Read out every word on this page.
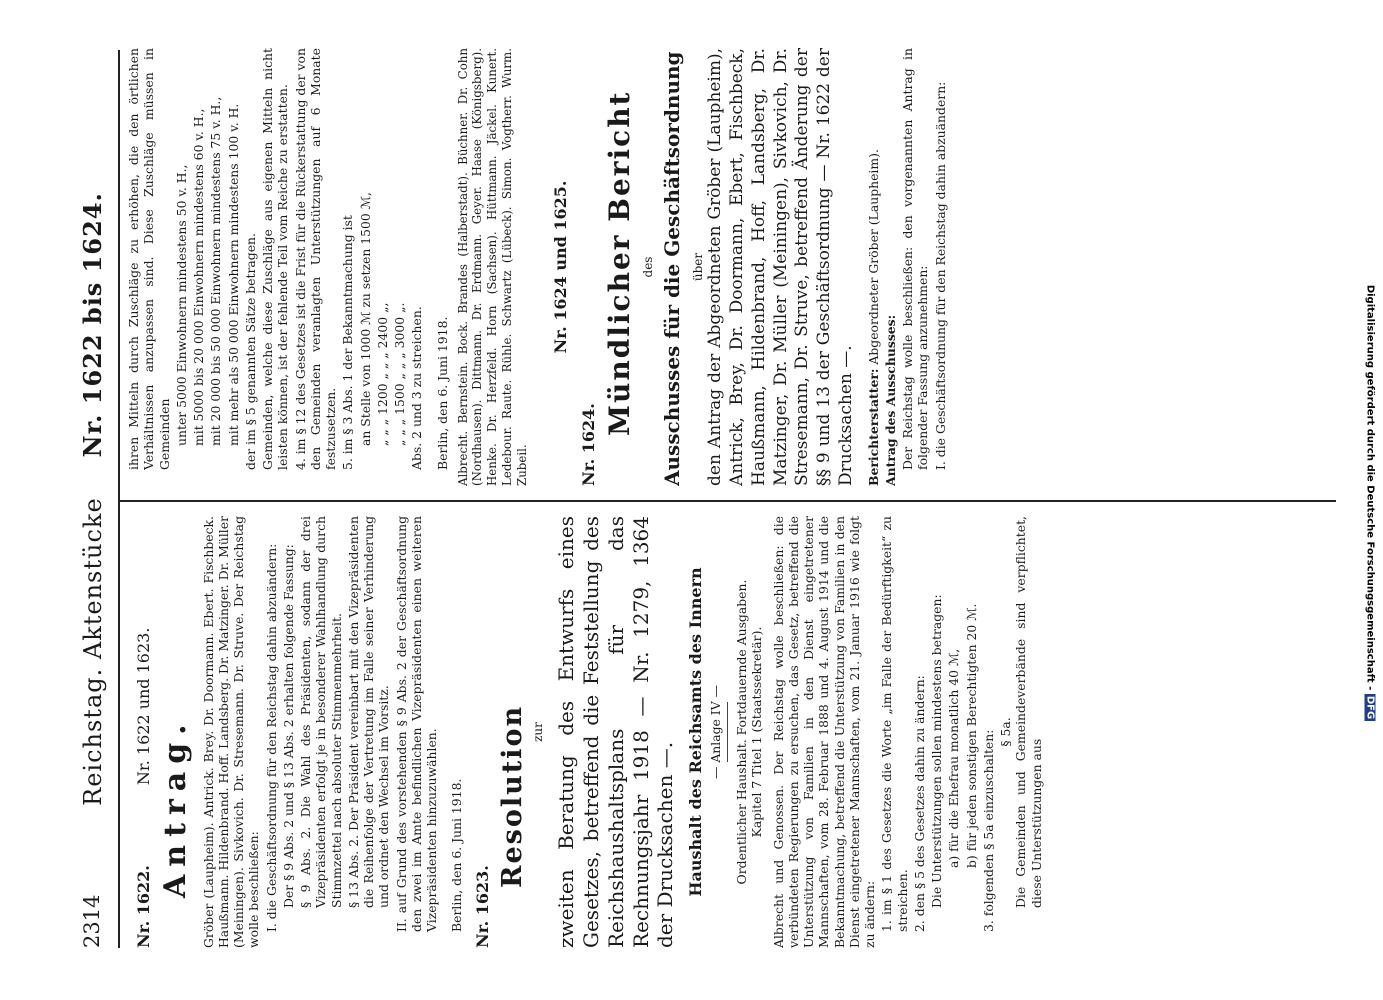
2314
Reichstag. AktenstückeNr. 1622 bis 1624.
Nr. 1622.Nr. 1622 und 1623.
Antrag. Gröber (Laupheim). Antrick. Brey. Dr. Doormann. Ebert. Fischbeck. Haußmann. Hildenbrand. Hoff. Landsberg. Dr. Matzinger. Dr. Müller (Meiningen). Sivkovich. Dr. Stresemann. Dr. Struve. Der Reichstag wolle beschließen: I. die Geschäftsordnung für den Reichstag dahin abzuändern: Der § 9 Abs. 2 und § 13 Abs. 2 erhalten folgende Fassung: § 9 Abs. 2. Die Wahl des Präsidenten, sodann der drei Vizepräsidenten erfolgt je in besonderer Wahlhandlung durch Stimmzettel nach absoluter Stimmenmehrheit. § 13 Abs. 2. Der Präsident vereinbart mit den Vizepräsidenten die Reihenfolge der Vertretung im Falle seiner Verhinderung und ordnet den Wechsel im Vorsitz. II. auf Grund des vorstehenden § 9 Abs. 2 der Geschäftsordnung den zwei im Amte befindlichen Vizepräsidenten einen weiteren Vizepräsidenten hinzuzuwählen. Berlin, den 6. Juni 1918. Nr. 1623.
Resolution zur zweiten Beratung des Entwurfs eines Gesetzes, betreffend die Feststellung des Reichshaushaltsplans für das Rechnungsjahr 1918 — Nr. 1279, 1364 der Drucksachen —. Haushalt des Reichsamts des Innern — Anlage IV — Ordentlicher Haushalt. Fortdauernde Ausgaben. Kapitel 7 Titel 1 (Staatssekretär). Albrecht und Genossen. Der Reichstag wolle beschließen: die verbündeten Regierungen zu ersuchen, das Gesetz, betreffend die Unterstützung von Familien in den Dienst eingetretener Mannschaften, vom 28. Februar 1888 und 4. August 1914 und die Bekanntmachung, betreffend die Unterstützung von Familien in den Dienst eingetretener Mannschaften, vom 21. Januar 1916 wie folgt zu ändern: 1. im § 1 des Gesetzes die Worte „im Falle der Bedürftigkeit“ zu streichen. 2. den § 5 des Gesetzes dahin zu ändern: Die Unterstützungen sollen mindestens betragen: a) für die Ehefrau monatlich 40 ℳ, b) für jeden sonstigen Berechtigten 20 ℳ. 3. folgenden § 5a einzuschalten: § 5a. Die Gemeinden und Gemeindeverbände sind verpflichtet, diese Unterstützungen aus

ihren Mitteln durch Zuschläge zu erhöhen, die den örtlichen Verhältnissen anzupassen sind. Diese Zuschläge müssen in Gemeinden unter 5000 Einwohnern mindestens 50 v. H., mit 5000 bis 20 000 Einwohnern mindestens 60 v. H., mit 20 000 bis 50 000 Einwohnern mindestens 75 v. H., mit mehr als 50 000 Einwohnern mindestens 100 v. H. der im § 5 genannten Sätze betragen. Gemeinden, welche diese Zuschläge aus eigenen Mitteln nicht leisten können, ist der fehlende Teil vom Reiche zu erstatten. 4. im § 12 des Gesetzes ist die Frist für die Rückerstattung der von den Gemeinden veranlagten Unterstützungen auf 6 Monate festzusetzen. 5. im § 3 Abs. 1 der Bekanntmachung ist an Stelle von 1000 ℳ zu setzen 1500 ℳ, „ „ „ 1200 „ „ „ 2400 „, „ „ „ 1500 „ „ „ 3000 „. Abs. 2 und 3 zu streichen. Berlin, den 6. Juni 1918. Albrecht. Bernstein. Bock. Brandes (Halberstadt). Büchner. Dr. Cohn (Nordhausen). Dittmann. Dr. Erdmann. Geyer. Haase (Königsberg). Henke. Dr. Herzfeld. Horn (Sachsen). Hüttmann. Jäckel. Kunert. Ledebour. Raute. Rühle. Schwartz (Lübeck). Simon. Vogtherr. Wurm. Zubeil.

Nr. 1624 und 1625.
Nr. 1624.
Mündlicher Bericht des Ausschusses für die Geschäftsordnung über den Antrag der Abgeordneten Gröber (Laupheim), Antrick, Brey, Dr. Doormann, Ebert, Fischbeck, Haußmann, Hildenbrand, Hoff, Landsberg, Dr. Matzinger, Dr. Müller (Meiningen), Sivkovich, Dr. Stresemann, Dr. Struve, betreffend Änderung der §§ 9 und 13 der Geschäftsordnung — Nr. 1622 der Drucksachen —. Berichterstatter: Abgeordneter Gröber (Laupheim).

Antrag des Ausschusses: Der Reichstag wolle beschließen: den vorgenannten Antrag in folgender Fassung anzunehmen: I. die Geschäftsordnung für den Reichstag dahin abzuändern:

Digitalisierung gefördert durch die Deutsche Forschungsgemeinschaft - DFG
